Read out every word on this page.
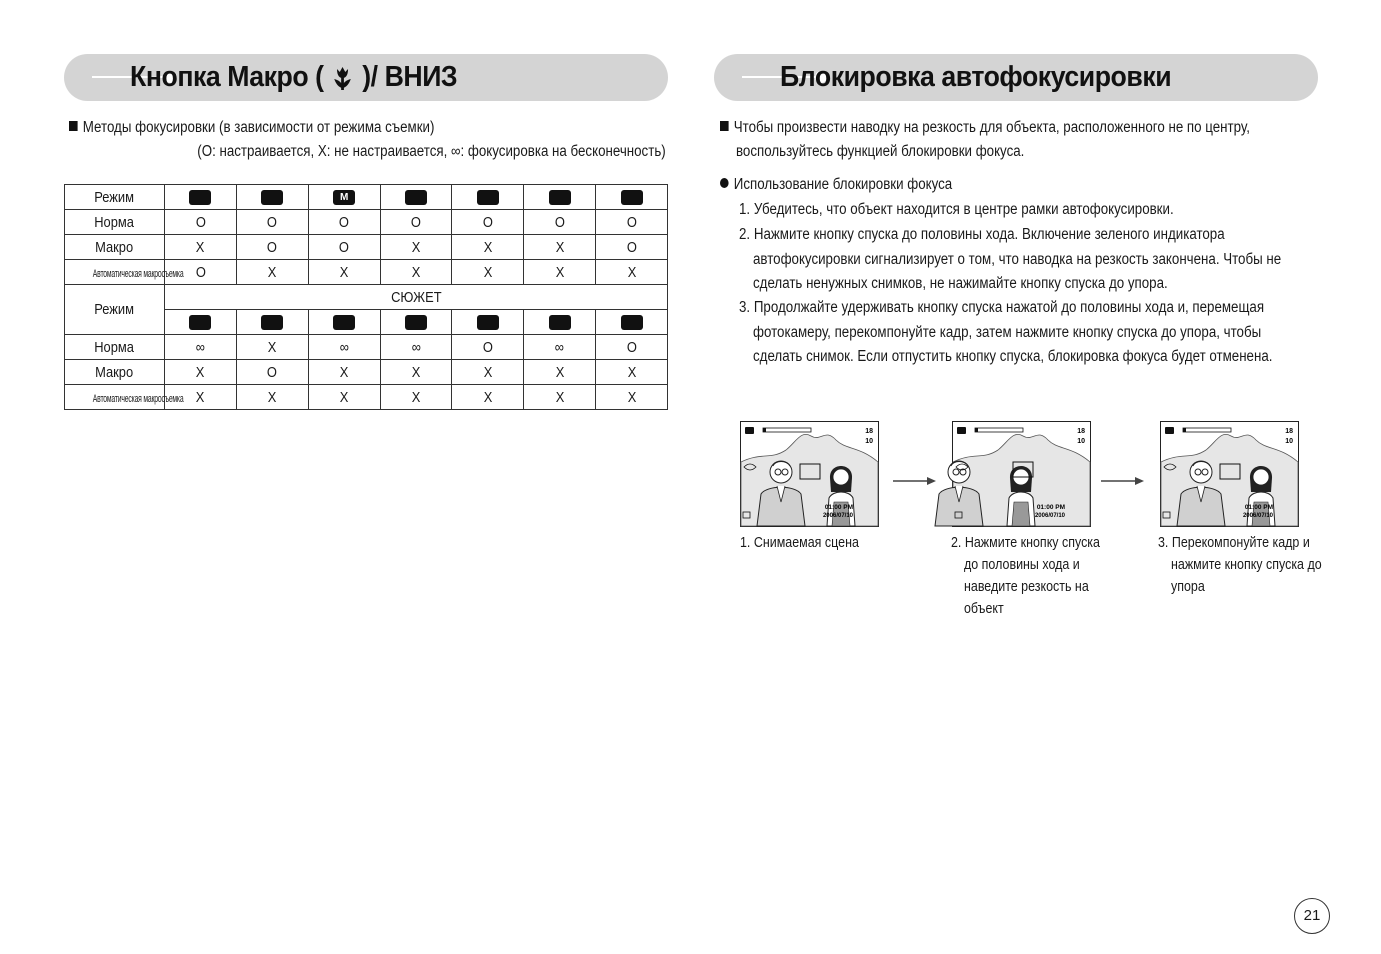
Кнопка Макро ( )/ ВНИЗ	Блокировка автофокусировки
Методы фокусировки (в зависимости от режима съемки)
(O: настраивается, X: не настраивается, ∞: фокусировка на бесконечность)
Режим			M				
Норма	O	O	O	O	O	O	O
Макро	X	O	O	X	X	X	O
Автоматическая макросъемка	O	X	X	X	X	X	X
Режим	СЮЖЕТ						

Норма	∞	X	∞	∞	O	∞	O
Макро	X	O	X	X	X	X	X
Автоматическая макросъемка	X	X	X	X	X	X	X
Чтобы произвести наводку на резкость для объекта, расположенного не по центру,
воспользуйтесь функцией блокировки фокуса.
Использование блокировки фокуса
1. Убедитесь, что объект находится в центре рамки автофокусировки.
2. Нажмите кнопку спуска до половины хода. Включение зеленого индикатора
автофокусировки сигнализирует о том, что наводка на резкость закончена. Чтобы не
сделать ненужных снимков, не нажимайте кнопку спуска до упора.
3. Продолжайте удерживать кнопку спуска нажатой до половины хода и, перемещая
фотокамеру, перекомпонуйте кадр, затем нажмите кнопку спуска до упора, чтобы
сделать снимок. Если отпустить кнопку спуска, блокировка фокуса будет отменена.
18
10
01:00 PM
2006/07/10
18
10
01:00 PM
2006/07/10
18
10
01:00 PM
2006/07/10
1. Снимаемая сцена	2. Нажмите кнопку спуска
до половины хода и
наведите резкость на
объект
3. Перекомпонуйте кадр и
нажмите кнопку спуска до
упора
21
